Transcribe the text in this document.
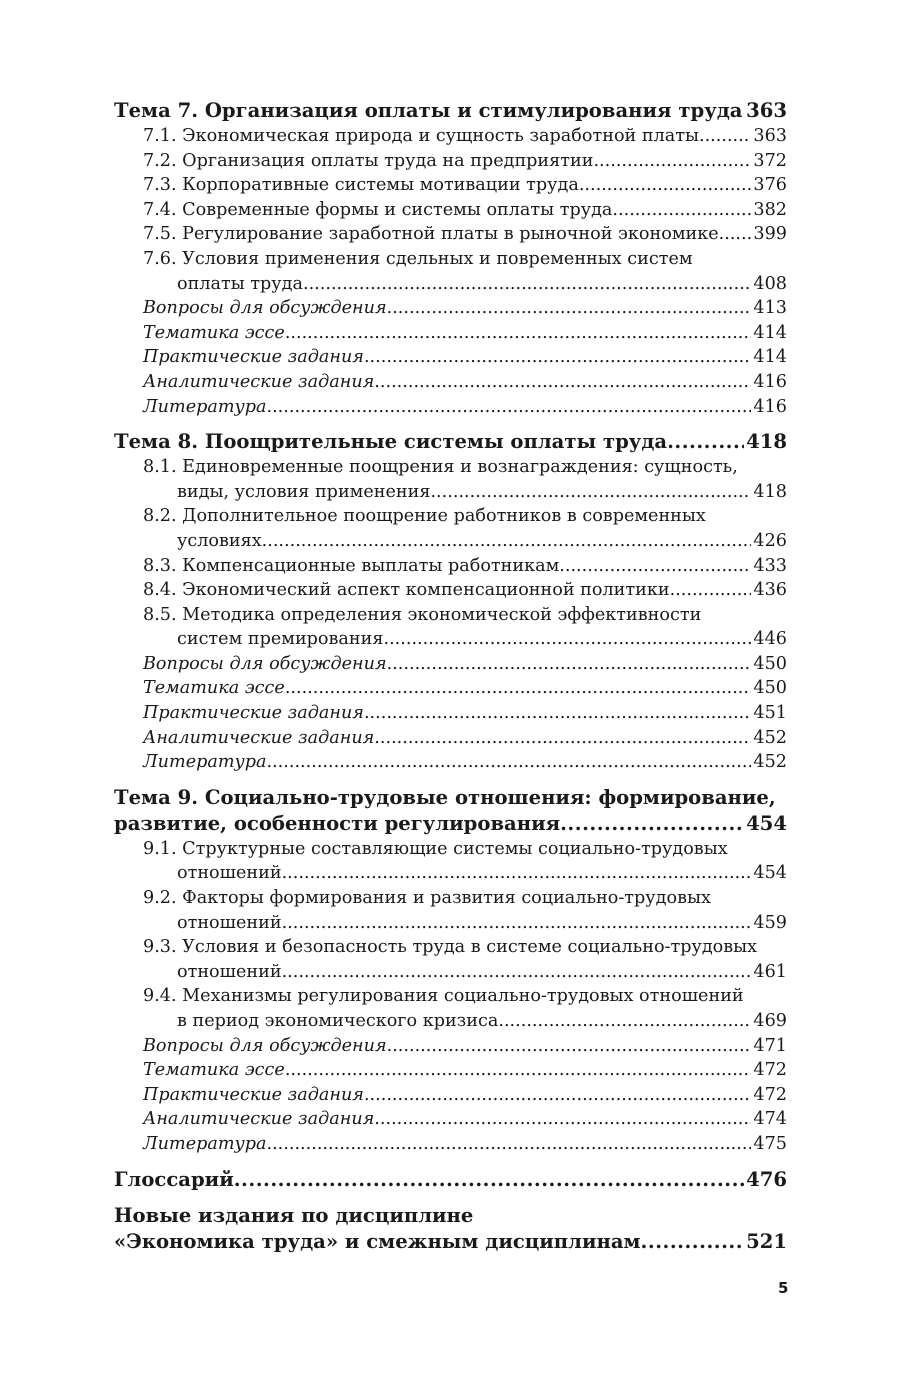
Тема 7. Организация оплаты и стимулирования труда ..... 363
7.1. Экономическая природа и сущность заработной платы .....	363
7.2. Организация оплаты труда на предприятии .....	372
7.3. Корпоративные системы мотивации труда .....	376
7.4. Современные формы и системы оплаты труда .....	382
7.5. Регулирование заработной платы в рыночной экономике ..... 399
7.6. Условия применения сдельных и повременных систем
оплаты труда .....	408
Вопросы для обсуждения .....	413
Тематика эссе .....	414
Практические задания .....	414
Аналитические задания .....	416
Литература .....	416
Тема 8. Поощрительные системы оплаты труда .....	418
8.1. Единовременные поощрения и вознаграждения: сущность,
виды, условия применения .....	418
8.2. Дополнительное поощрение работников в современных
условиях .....	426
8.3. Компенсационные выплаты работникам .....	433
8.4. Экономический аспект компенсационной политики .....	436
8.5. Методика определения экономической эффективности
систем премирования .....	446
Вопросы для обсуждения .....	450
Тематика эссе .....	450
Практические задания .....	451
Аналитические задания .....	452
Литература .....	452
Тема 9. Социально-трудовые отношения: формирование,
развитие, особенности регулирования .....	454
9.1. Структурные составляющие системы социально-трудовых
отношений .....	454
9.2. Факторы формирования и развития социально-трудовых
отношений .....	459
9.3. Условия и безопасность труда в системе социально-трудовых
отношений .....	461
9.4. Механизмы регулирования социально-трудовых отношений
в период экономического кризиса .....	469
Вопросы для обсуждения .....	471
Тематика эссе .....	472
Практические задания .....	472
Аналитические задания .....	474
Литература .....	475
Глоссарий .....	476
Новые издания по дисциплине
«Экономика труда» и смежным дисциплинам .....	521
5
